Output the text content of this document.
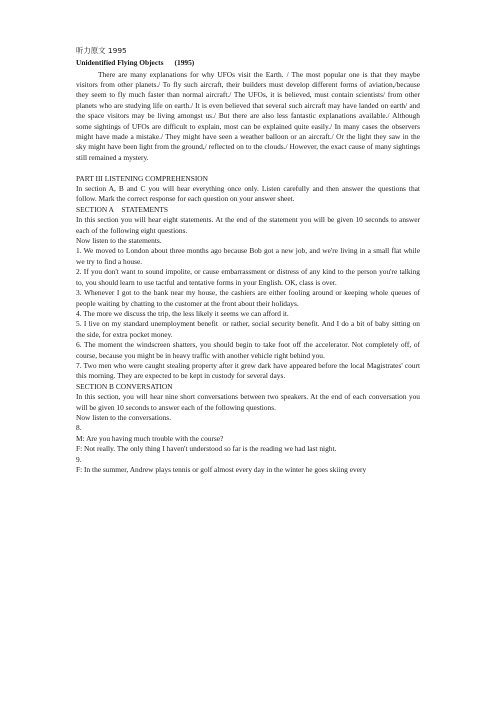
听力原文 1995

Unidentified Flying Objects      (1995)

There are many explanations for why UFOs visit the Earth. / The most popular one is that they maybe visitors from other planets./ To fly such aircraft, their builders must develop different forms of aviation,/because they seem to fly much faster than normal aircraft./ The UFOs, it is believed, must contain scientists/ from other planets who are studying life on earth./ It is even believed that several such aircraft may have landed on earth/ and the space visitors may be living amongst us./ But there are also less fantastic explanations available./ Although some sightings of UFOs are difficult to explain, most can be explained quite easily./ In many cases the observers might have made a mistake./ They might have seen a weather balloon or an aircraft./ Or the light they saw in the sky might have been light from the ground,/ reflected on to the clouds./ However, the exact cause of many sightings still remained a mystery.

PART III LISTENING COMPREHENSION

In section A, B and C you will hear everything once only. Listen carefully and then answer the questions that follow. Mark the correct response for each question on your answer sheet.

SECTION A    STATEMENTS

In this section you will hear eight statements. At the end of the statement you will be given 10 seconds to answer each of the following eight questions.

Now listen to the statements.

1. We moved to London about three months ago because Bob got a new job, and we're living in a small flat while we try to find a house.

2. If you don't want to sound impolite, or cause embarrassment or distress of any kind to the person you're talking to, you should learn to use tactful and tentative forms in your English. OK, class is over.

3. Whenever I got to the bank near my house, the cashiers are either fooling around or keeping whole queues of people waiting by chatting to the customer at the front about their holidays.

4. The more we discuss the trip, the less likely it seems we can afford it.

5. I live on my standard unemployment benefit  or rather, social security benefit. And I do a bit of baby sitting on the side, for extra pocket money.

6. The moment the windscreen shatters, you should begin to take foot off the accelerator. Not completely off, of course, because you might be in heavy traffic with another vehicle right behind you.

7. Two men who were caught stealing property after it grew dark have appeared before the local Magistrates' court this morning. They are expected to be kept in custody for several days.

SECTION B CONVERSATION

In this section, you will hear nine short conversations between two speakers. At the end of each conversation you will be given 10 seconds to answer each of the following questions.

Now listen to the conversations.

8.

M: Are you having much trouble with the course?

F: Not really. The only thing I haven't understood so far is the reading we had last night.

9.

F: In the summer, Andrew plays tennis or golf almost every day in the winter he goes skiing every
